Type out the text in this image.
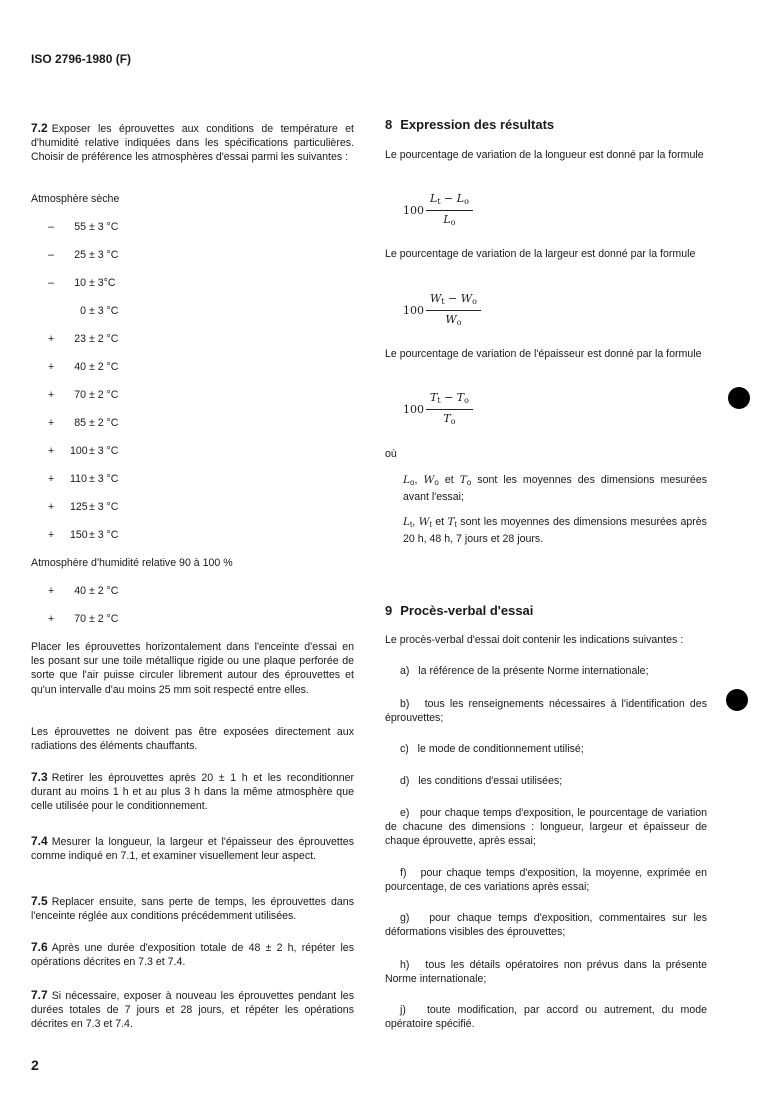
ISO 2796-1980 (F)

7.2 Exposer les éprouvettes aux conditions de température et d'humidité relative indiquées dans les spécifications particulières. Choisir de préférence les atmosphères d'essai parmi les suivantes :

Atmosphère sèche

– 55 ± 3 °C
– 25 ± 3 °C
– 10 ± 3°C
0 ± 3 °C
+ 23 ± 2 °C
+ 40 ± 2 °C
+ 70 ± 2 °C
+ 85 ± 2 °C
+ 100 ± 3 °C
+ 110 ± 3 °C
+ 125 ± 3 °C
+ 150 ± 3 °C

Atmosphère d'humidité relative 90 à 100 %

+ 40 ± 2 °C
+ 70 ± 2 °C

Placer les éprouvettes horizontalement dans l'enceinte d'essai en les posant sur une toile métallique rigide ou une plaque perforée de sorte que l'air puisse circuler librement autour des éprouvettes et qu'un intervalle d'au moins 25 mm soit respecté entre elles.

Les éprouvettes ne doivent pas être exposées directement aux radiations des éléments chauffants.

7.3 Retirer les éprouvettes après 20 ± 1 h et les reconditionner durant au moins 1 h et au plus 3 h dans la même atmosphère que celle utilisée pour le conditionnement.

7.4 Mesurer la longueur, la largeur et l'épaisseur des éprouvettes comme indiqué en 7.1, et examiner visuellement leur aspect.

7.5 Replacer ensuite, sans perte de temps, les éprouvettes dans l'enceinte réglée aux conditions précédemment utilisées.

7.6 Après une durée d'exposition totale de 48 ± 2 h, répéter les opérations décrites en 7.3 et 7.4.

7.7 Si nécessaire, exposer à nouveau les éprouvettes pendant les durées totales de 7 jours et 28 jours, et répéter les opérations décrites en 7.3 et 7.4.

2
8 Expression des résultats

Le pourcentage de variation de la longueur est donné par la formule

$100 \frac{L_t - L_o}{L_o}$

Le pourcentage de variation de la largeur est donné par la formule

$100 \frac{W_t - W_o}{W_o}$

Le pourcentage de variation de l'épaisseur est donné par la formule

$100 \frac{T_t - T_o}{T_o}$

où

$L_o$, $W_o$ et $T_o$ sont les moyennes des dimensions mesurées avant l'essai;

$L_t$, $W_t$ et $T_t$ sont les moyennes des dimensions mesurées après 20 h, 48 h, 7 jours et 28 jours.

9 Procès-verbal d'essai

Le procès-verbal d'essai doit contenir les indications suivantes :

a) la référence de la présente Norme internationale;

b) tous les renseignements nécessaires à l'identification des éprouvettes;

c) le mode de conditionnement utilisé;

d) les conditions d'essai utilisées;

e) pour chaque temps d'exposition, le pourcentage de variation de chacune des dimensions : longueur, largeur et épaisseur de chaque éprouvette, après essai;

f) pour chaque temps d'exposition, la moyenne, exprimée en pourcentage, de ces variations après essai;

g) pour chaque temps d'exposition, commentaires sur les déformations visibles des éprouvettes;

h) tous les détails opératoires non prévus dans la présente Norme internationale;

j) toute modification, par accord ou autrement, du mode opératoire spécifié.
